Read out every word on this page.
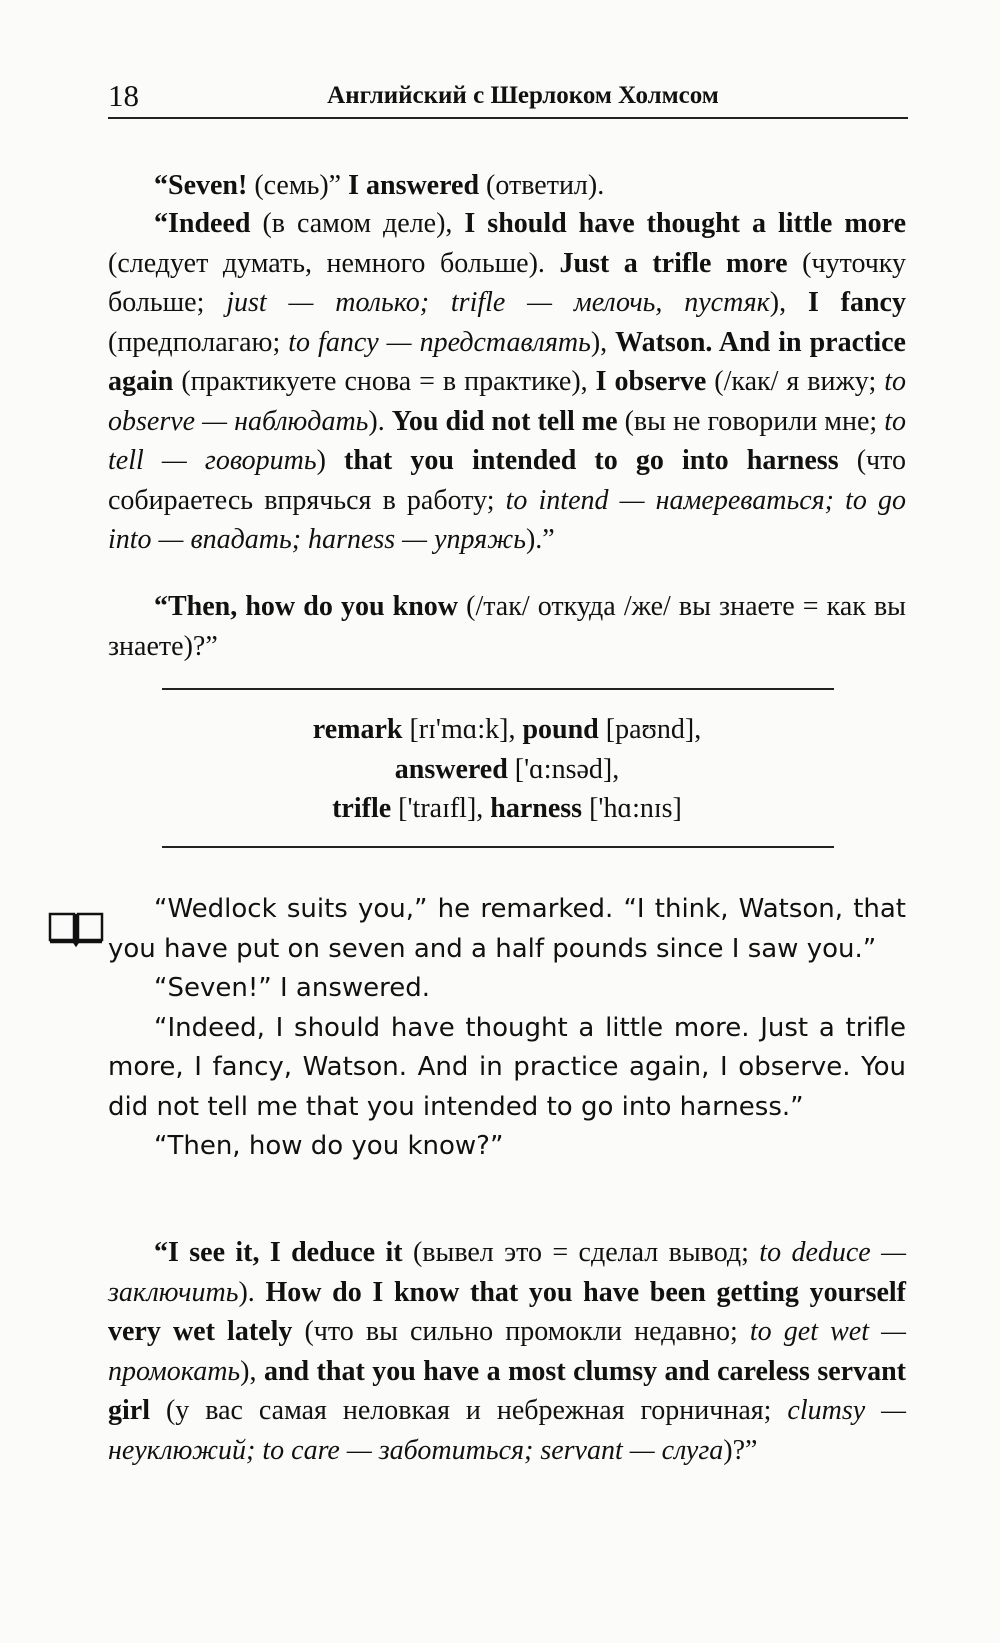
18	Английский с Шерлоком Холмсом

“Seven! (семь)” I answered (ответил).

“Indeed (в самом деле), I should have thought a little more (следует думать, немного больше). Just a trifle more (чуточку больше; just — только; trifle — мелочь, пустяк), I fancy (предполагаю; to fancy — представлять), Watson. And in practice again (практикуете снова = в практике), I observe (/как/ я вижу; to observe — наблюдать). You did not tell me (вы не говорили мне; to tell — говорить) that you intended to go into harness (что собираетесь впрячься в работу; to intend — намереваться; to go into — впадать; harness — упряжь).”

“Then, how do you know (/так/ откуда /же/ вы знаете = как вы знаете)?”

remark [rɪ'mɑ:k], pound [paʊnd],
answered ['ɑ:nsəd],
trifle ['traɪfl], harness ['hɑ:nɪs]

“Wedlock suits you,” he remarked. “I think, Watson, that you have put on seven and a half pounds since I saw you.”

“Seven!” I answered.

“Indeed, I should have thought a little more. Just a trifle more, I fancy, Watson. And in practice again, I observe. You did not tell me that you intended to go into harness.”

“Then, how do you know?”

“I see it, I deduce it (вывел это = сделал вывод; to deduce — заключить). How do I know that you have been getting yourself very wet lately (что вы сильно промокли недавно; to get wet — промокать), and that you have a most clumsy and careless servant girl (у вас самая неловкая и небрежная горничная; clumsy — неуклюжий; to care — заботиться; servant — слуга)?”
